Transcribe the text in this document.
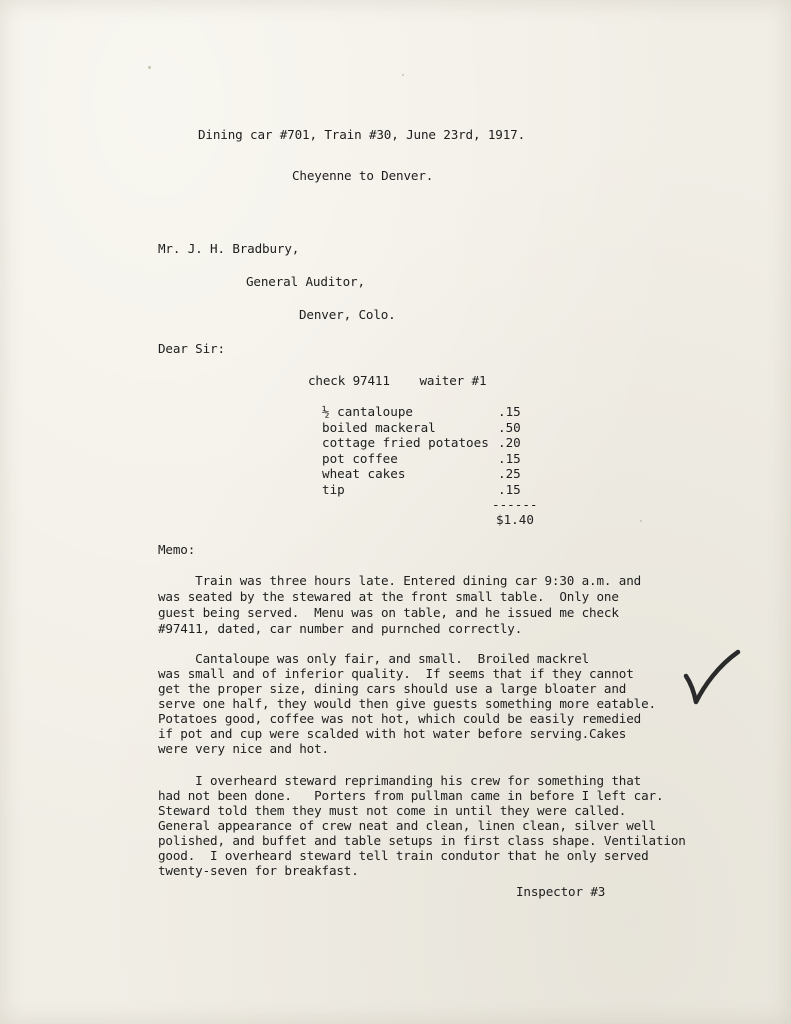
Dining car #701, Train #30, June 23rd, 1917.
Cheyenne to Denver.
Mr. J. H. Bradbury,
General Auditor,
Denver, Colo.
Dear Sir:
check 97411    waiter #1
½ cantaloupe	.15
boiled mackeral	.50
cottage fried potatoes .20
pot coffee	.15
wheat cakes	.25
tip	.15
------
$1.40
Memo:
Train was three hours late. Entered dining car 9:30 a.m. and
was seated by the stewared at the front small table.  Only one
guest being served.  Menu was on table, and he issued me check
#97411, dated, car number and purnched correctly.
Cantaloupe was only fair, and small.  Broiled mackrel
was small and of inferior quality.  If seems that if they cannot
get the proper size, dining cars should use a large bloater and
serve one half, they would then give guests something more eatable.
Potatoes good, coffee was not hot, which could be easily remedied
if pot and cup were scalded with hot water before serving.Cakes
were very nice and hot.
I overheard steward reprimanding his crew for something that
had not been done.   Porters from pullman came in before I left car.
Steward told them they must not come in until they were called.
General appearance of crew neat and clean, linen clean, silver well
polished, and buffet and table setups in first class shape. Ventilation
good.  I overheard steward tell train condutor that he only served
twenty-seven for breakfast.
Inspector #3
